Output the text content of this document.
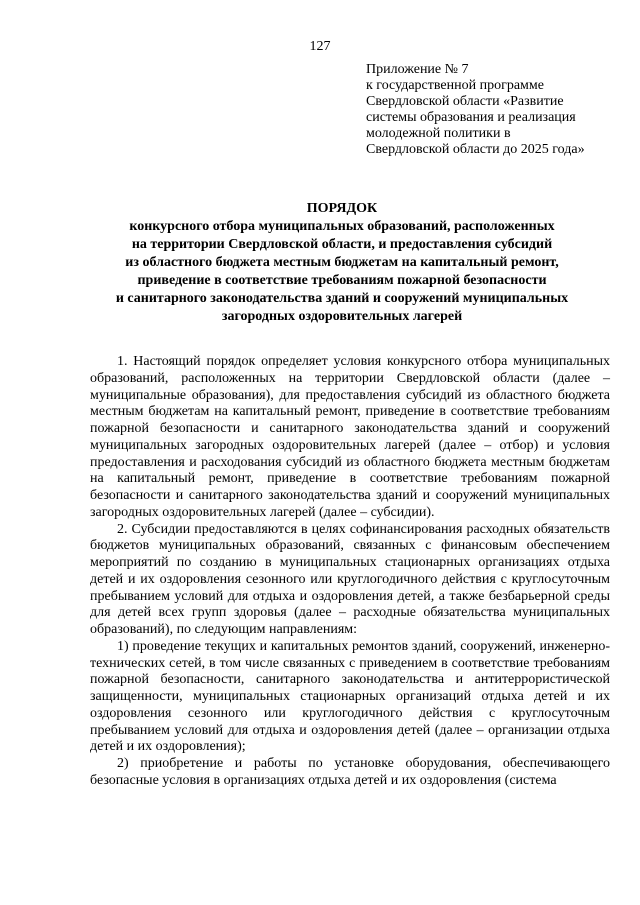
127
Приложение № 7
к государственной программе
Свердловской области «Развитие
системы образования и реализация
молодежной политики в
Свердловской области до 2025 года»
ПОРЯДОК
конкурсного отбора муниципальных образований, расположенных
на территории Свердловской области, и предоставления субсидий
из областного бюджета местным бюджетам на капитальный ремонт,
приведение в соответствие требованиям пожарной безопасности
и санитарного законодательства зданий и сооружений муниципальных
загородных оздоровительных лагерей

1. Настоящий порядок определяет условия конкурсного отбора муниципальных образований, расположенных на территории Свердловской области (далее – муниципальные образования), для предоставления субсидий из областного бюджета местным бюджетам на капитальный ремонт, приведение в соответствие требованиям пожарной безопасности и санитарного законодательства зданий и сооружений муниципальных загородных оздоровительных лагерей (далее – отбор) и условия предоставления и расходования субсидий из областного бюджета местным бюджетам на капитальный ремонт, приведение в соответствие требованиям пожарной безопасности и санитарного законодательства зданий и сооружений муниципальных загородных оздоровительных лагерей (далее – субсидии).

2. Субсидии предоставляются в целях софинансирования расходных обязательств бюджетов муниципальных образований, связанных с финансовым обеспечением мероприятий по созданию в муниципальных стационарных организациях отдыха детей и их оздоровления сезонного или круглогодичного действия с круглосуточным пребыванием условий для отдыха и оздоровления детей, а также безбарьерной среды для детей всех групп здоровья (далее – расходные обязательства муниципальных образований), по следующим направлениям:

1) проведение текущих и капитальных ремонтов зданий, сооружений, инженерно-технических сетей, в том числе связанных с приведением в соответствие требованиям пожарной безопасности, санитарного законодательства и антитеррористической защищенности, муниципальных стационарных организаций отдыха детей и их оздоровления сезонного или круглогодичного действия с круглосуточным пребыванием условий для отдыха и оздоровления детей (далее – организации отдыха детей и их оздоровления);

2) приобретение и работы по установке оборудования, обеспечивающего безопасные условия в организациях отдыха детей и их оздоровления (система
